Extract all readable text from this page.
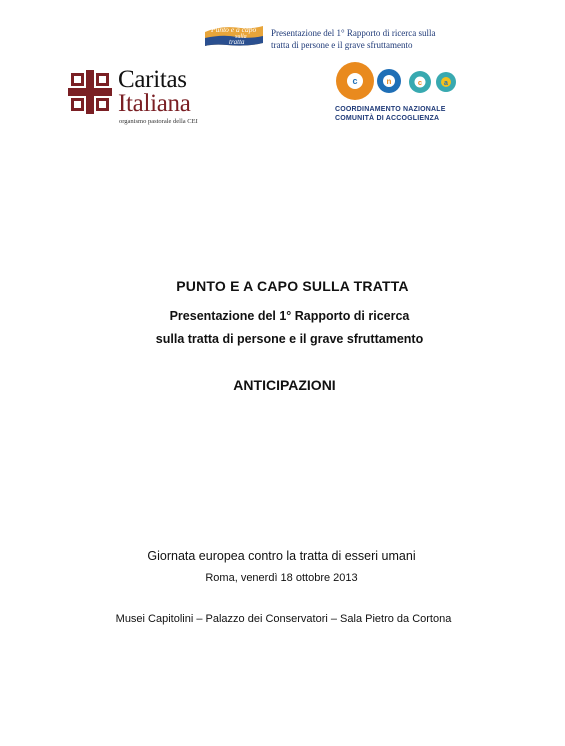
Punto e a capo
sulla
tratta
Presentazione del 1° Rapporto di ricerca sulla
tratta di persone e il grave sfruttamento
Caritas
Italiana
organismo pastorale della CEI
c	n	c	a
COORDINAMENTO NAZIONALE
COMUNITÀ DI ACCOGLIENZA
PUNTO E A CAPO SULLA TRATTA
Presentazione del 1° Rapporto di ricerca
sulla tratta di persone e il grave sfruttamento
ANTICIPAZIONI
Giornata europea contro la tratta di esseri umani
Roma, venerdì 18 ottobre 2013
Musei Capitolini – Palazzo dei Conservatori – Sala Pietro da Cortona
